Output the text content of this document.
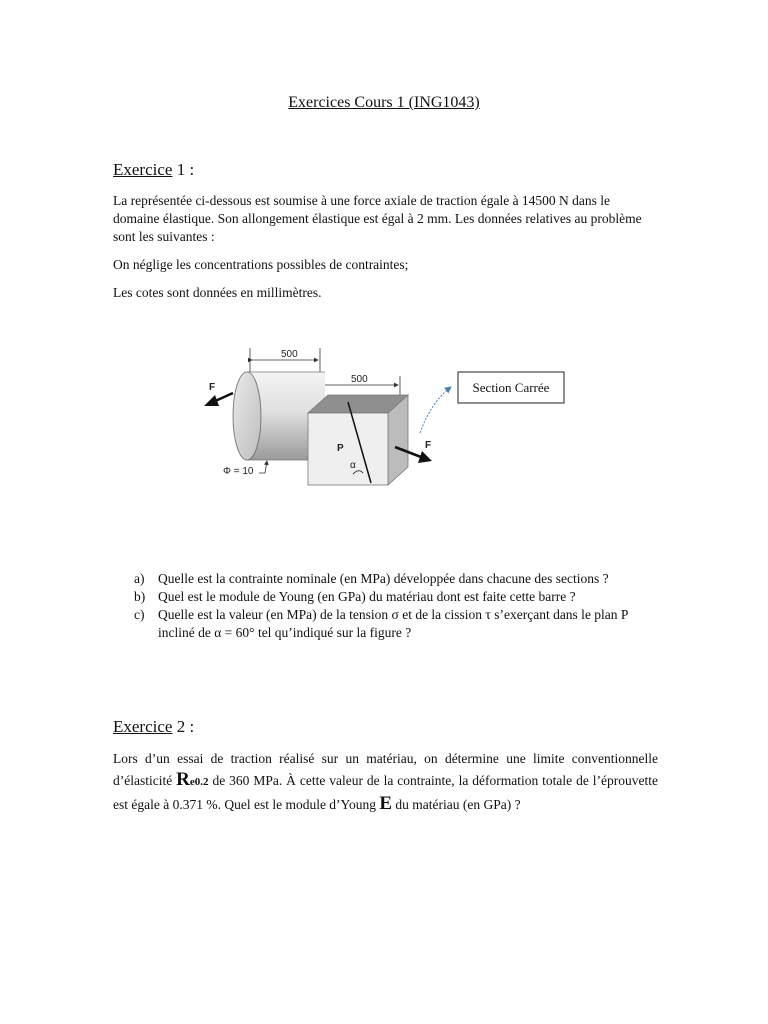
Exercices Cours 1 (ING1043)
Exercice 1 :
La représentée ci-dessous est soumise à une force axiale de traction égale à 14500 N dans le domaine élastique. Son allongement élastique est égal à 2 mm. Les données relatives au problème sont les suivantes :
On néglige les concentrations possibles de contraintes;
Les cotes sont données en millimètres.
500
500
P
α
F
F
Φ = 10
Section Carrée
a) Quelle est la contrainte nominale (en MPa) développée dans chacune des sections ?
b) Quel est le module de Young (en GPa) du matériau dont est faite cette barre ?
c) Quelle est la valeur (en MPa) de la tension σ et de la cission τ s’exerçant dans le plan P incliné de α = 60° tel qu’indiqué sur la figure ?
Exercice 2 :
Lors d’un essai de traction réalisé sur un matériau, on détermine une limite conventionnelle d’élasticité Re0.2 de 360 MPa. À cette valeur de la contrainte, la déformation totale de l’éprouvette est égale à 0.371 %. Quel est le module d’Young E du matériau (en GPa) ?
